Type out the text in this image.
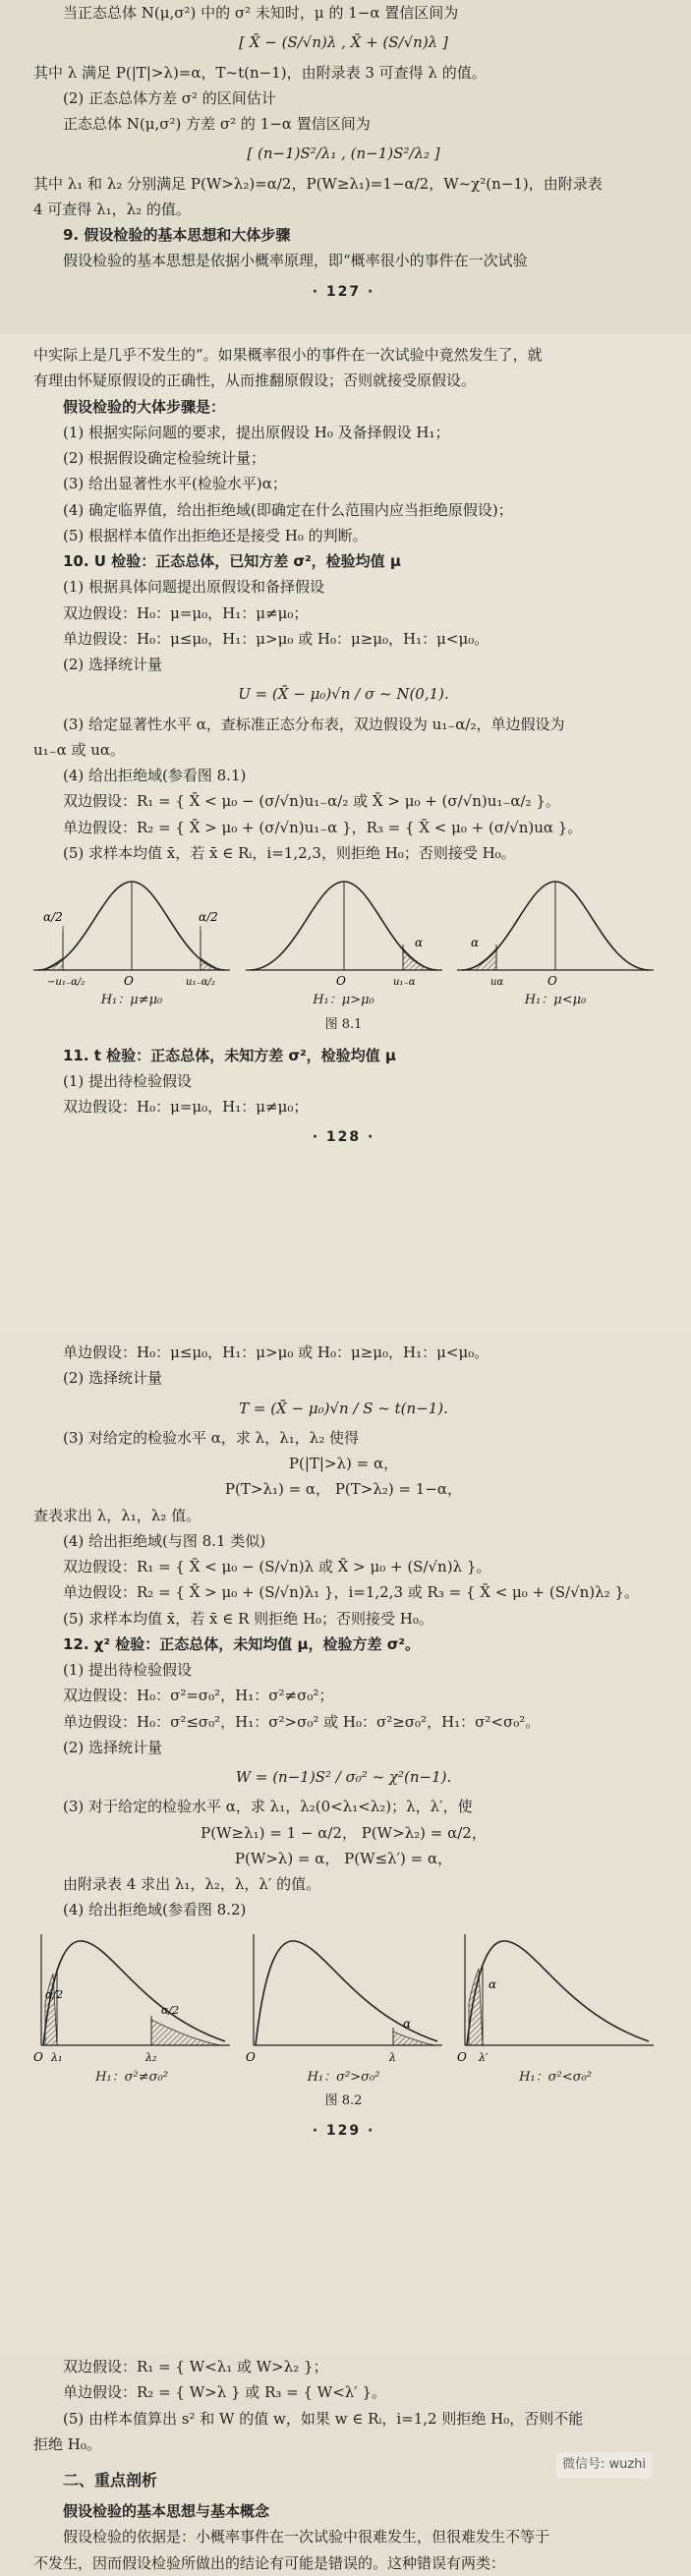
当正态总体 N(μ,σ²) 中的 σ² 未知时，μ 的 1−α 置信区间为
[ X̄ − (S/√n)λ , X̄ + (S/√n)λ ]
其中 λ 满足 P(|T|>λ)=α，T~t(n−1)，由附录表 3 可查得 λ 的值。
(2) 正态总体方差 σ² 的区间估计
正态总体 N(μ,σ²) 方差 σ² 的 1−α 置信区间为
[ (n−1)S²/λ₁ , (n−1)S²/λ₂ ]
其中 λ₁ 和 λ₂ 分别满足 P(W>λ₂)=α/2，P(W≥λ₁)=1−α/2，W~χ²(n−1)，由附录表
4 可查得 λ₁，λ₂ 的值。
9. 假设检验的基本思想和大体步骤
假设检验的基本思想是依据小概率原理，即“概率很小的事件在一次试验
· 127 ·
中实际上是几乎不发生的”。如果概率很小的事件在一次试验中竟然发生了，就
有理由怀疑原假设的正确性，从而推翻原假设；否则就接受原假设。
假设检验的大体步骤是：
(1) 根据实际问题的要求，提出原假设 H₀ 及备择假设 H₁；
(2) 根据假设确定检验统计量；
(3) 给出显著性水平(检验水平)α；
(4) 确定临界值，给出拒绝域(即确定在什么范围内应当拒绝原假设)；
(5) 根据样本值作出拒绝还是接受 H₀ 的判断。
10. U 检验：正态总体，已知方差 σ²，检验均值 μ
(1) 根据具体问题提出原假设和备择假设
双边假设：H₀：μ=μ₀，H₁：μ≠μ₀；
单边假设：H₀：μ≤μ₀，H₁：μ>μ₀ 或 H₀：μ≥μ₀，H₁：μ<μ₀。
(2) 选择统计量
U = (X̄ − μ₀)√n / σ ~ N(0,1).
(3) 给定显著性水平 α，查标准正态分布表，双边假设为 u₁₋α/₂，单边假设为
u₁₋α 或 uα。
(4) 给出拒绝域(参看图 8.1)
双边假设：R₁ = { X̄ < μ₀ − (σ/√n)u₁₋α/₂ 或 X̄ > μ₀ + (σ/√n)u₁₋α/₂ }。
单边假设：R₂ = { X̄ > μ₀ + (σ/√n)u₁₋α }，R₃ = { X̄ < μ₀ + (σ/√n)uα }。
(5) 求样本均值 x̄，若 x̄ ∈ Rᵢ，i=1,2,3，则拒绝 H₀；否则接受 H₀。
α/2	α/2
O
−u₁₋α/₂	u₁₋α/₂
H₁：μ≠μ₀
α
O	u₁₋α
H₁：μ>μ₀
α
O
uα
H₁：μ<μ₀
图 8.1
11. t 检验：正态总体，未知方差 σ²，检验均值 μ
(1) 提出待检验假设
双边假设：H₀：μ=μ₀，H₁：μ≠μ₀；
· 128 ·
单边假设：H₀：μ≤μ₀，H₁：μ>μ₀ 或 H₀：μ≥μ₀，H₁：μ<μ₀。
(2) 选择统计量
T = (X̄ − μ₀)√n / S ~ t(n−1).
(3) 对给定的检验水平 α，求 λ，λ₁，λ₂ 使得
P(|T|>λ) = α，
P(T>λ₁) = α， P(T>λ₂) = 1−α，
查表求出 λ，λ₁，λ₂ 值。
(4) 给出拒绝域(与图 8.1 类似)
双边假设：R₁ = { X̄ < μ₀ − (S/√n)λ 或 X̄ > μ₀ + (S/√n)λ }。
单边假设：R₂ = { X̄ > μ₀ + (S/√n)λ₁ }，i=1,2,3 或 R₃ = { X̄ < μ₀ + (S/√n)λ₂ }。
(5) 求样本均值 x̄，若 x̄ ∈ R 则拒绝 H₀；否则接受 H₀。
12. χ² 检验：正态总体，未知均值 μ，检验方差 σ²。
(1) 提出待检验假设
双边假设：H₀：σ²=σ₀²，H₁：σ²≠σ₀²；
单边假设：H₀：σ²≤σ₀²，H₁：σ²>σ₀² 或 H₀：σ²≥σ₀²，H₁：σ²<σ₀²。
(2) 选择统计量
W = (n−1)S² / σ₀² ~ χ²(n−1).
(3) 对于给定的检验水平 α，求 λ₁，λ₂(0<λ₁<λ₂)；λ，λ′，使
P(W≥λ₁) = 1 − α/2， P(W>λ₂) = α/2，
P(W>λ) = α， P(W≤λ′) = α，
由附录表 4 求出 λ₁，λ₂，λ，λ′ 的值。
(4) 给出拒绝域(参看图 8.2)
α/2
α/2
O λ₁	λ₂
H₁：σ²≠σ₀²
α
O	λ
H₁：σ²>σ₀²
α
O λ′
H₁：σ²<σ₀²
图 8.2
· 129 ·
双边假设：R₁ = { W<λ₁ 或 W>λ₂ }；
单边假设：R₂ = { W>λ } 或 R₃ = { W<λ′ }。
(5) 由样本值算出 s² 和 W 的值 w，如果 w ∈ Rᵢ，i=1,2 则拒绝 H₀，否则不能
拒绝 H₀。
二、重点剖析
假设检验的基本思想与基本概念
假设检验的依据是：小概率事件在一次试验中很难发生，但很难发生不等于
不发生，因而假设检验所做出的结论有可能是错误的。这种错误有两类：
微信号: wuzhi
